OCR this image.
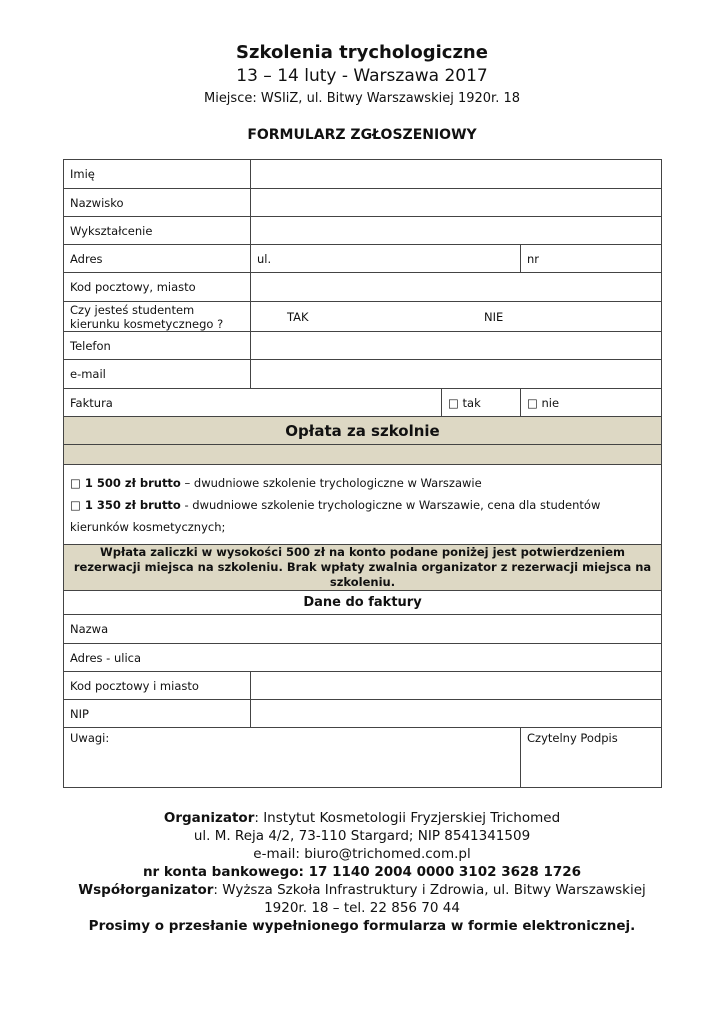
Szkolenia trychologiczne
13 – 14 luty - Warszawa 2017
Miejsce: WSIiZ, ul. Bitwy Warszawskiej 1920r. 18
FORMULARZ ZGŁOSZENIOWY
Imię			
Nazwisko			
Wykształcenie			
Adres	ul.		nr
Kod pocztowy, miasto			
Czy jesteś studentem kierunku kosmetycznego ?	TAK NIE		

Telefon			
e-mail			
Faktura		□ tak	□ nie
Opłata za szkolnie			

□ 1 500 zł brutto – dwudniowe szkolenie trychologiczne w Warszawie
□ 1 350 zł brutto - dwudniowe szkolenie trychologiczne w Warszawie, cena dla studentów kierunków kosmetycznych;			

Wpłata zaliczki w wysokości 500 zł na konto podane poniżej jest potwierdzeniem rezerwacji miejsca na szkoleniu. Brak wpłaty zwalnia organizator z rezerwacji miejsca na szkoleniu.			
Dane do faktury			
Nazwa			
Adres - ulica			
Kod pocztowy i miasto			
NIP			
Uwagi:			Czytelny Podpis
Organizator: Instytut Kosmetologii Fryzjerskiej Trichomed
ul. M. Reja 4/2, 73-110 Stargard; NIP 8541341509
e-mail: biuro@trichomed.com.pl
nr konta bankowego: 17 1140 2004 0000 3102 3628 1726
Współorganizator: Wyższa Szkoła Infrastruktury i Zdrowia, ul. Bitwy Warszawskiej
1920r. 18 – tel. 22 856 70 44
Prosimy o przesłanie wypełnionego formularza w formie elektronicznej.
